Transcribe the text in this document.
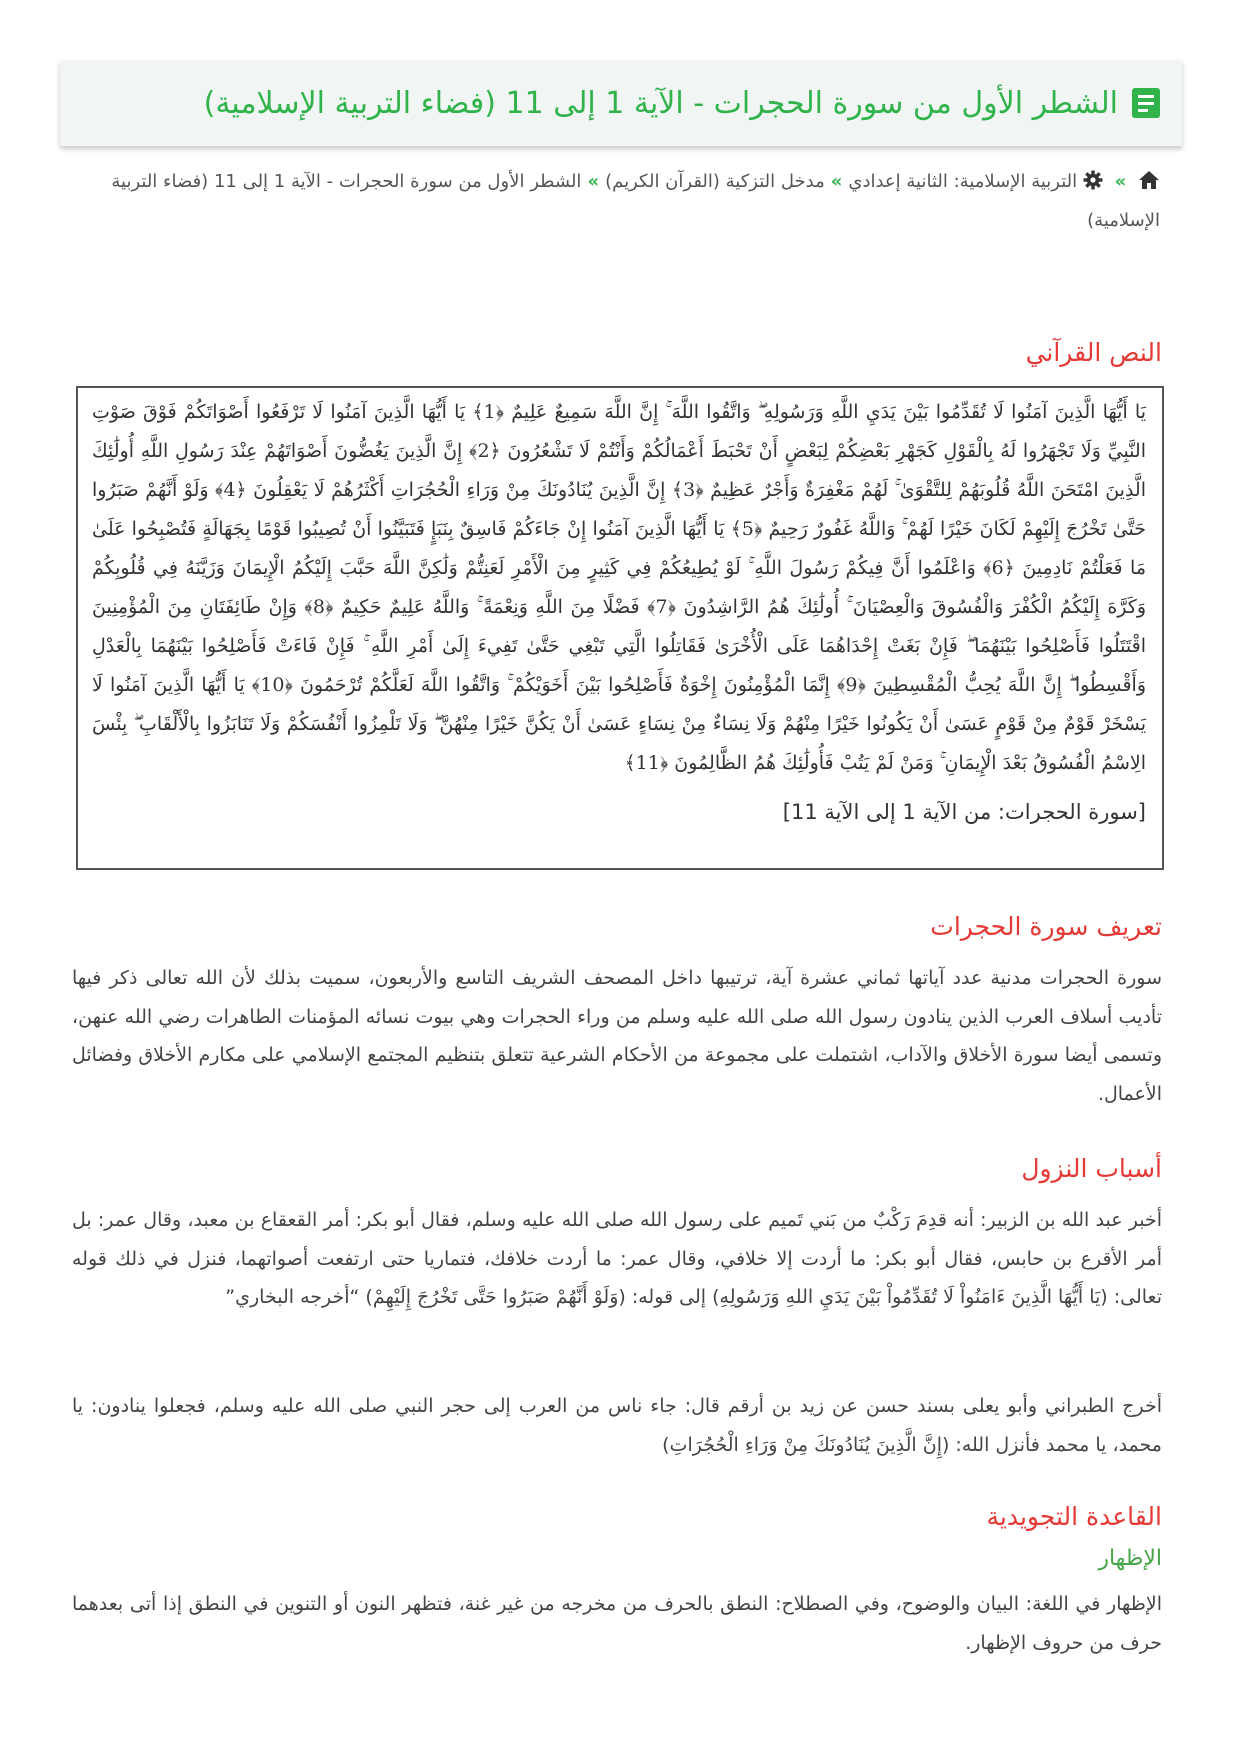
الشطر الأول من سورة الحجرات - الآية 1 إلى 11 (فضاء التربية الإسلامية)
»  التربية الإسلامية: الثانية إعدادي»مدخل التزكية (القرآن الكريم)»الشطر الأول من سورة الحجرات - الآية 1 إلى 11 (فضاء التربية الإسلامية)
النص القرآني

يَا أَيُّهَا الَّذِينَ آمَنُوا لَا تُقَدِّمُوا بَيْنَ يَدَيِ اللَّهِ وَرَسُولِهِ ۖ وَاتَّقُوا اللَّهَ ۚ إِنَّ اللَّهَ سَمِيعٌ عَلِيمٌ ﴿1﴾ يَا أَيُّهَا الَّذِينَ آمَنُوا لَا تَرْفَعُوا أَصْوَاتَكُمْ فَوْقَ صَوْتِ النَّبِيِّ وَلَا تَجْهَرُوا لَهُ بِالْقَوْلِ كَجَهْرِ بَعْضِكُمْ لِبَعْضٍ أَنْ تَحْبَطَ أَعْمَالُكُمْ وَأَنْتُمْ لَا تَشْعُرُونَ ﴿2﴾ إِنَّ الَّذِينَ يَغُضُّونَ أَصْوَاتَهُمْ عِنْدَ رَسُولِ اللَّهِ أُولَٰئِكَ الَّذِينَ امْتَحَنَ اللَّهُ قُلُوبَهُمْ لِلتَّقْوَىٰ ۚ لَهُمْ مَغْفِرَةٌ وَأَجْرٌ عَظِيمٌ ﴿3﴾ إِنَّ الَّذِينَ يُنَادُونَكَ مِنْ وَرَاءِ الْحُجُرَاتِ أَكْثَرُهُمْ لَا يَعْقِلُونَ ﴿4﴾ وَلَوْ أَنَّهُمْ صَبَرُوا حَتَّىٰ تَخْرُجَ إِلَيْهِمْ لَكَانَ خَيْرًا لَهُمْ ۚ وَاللَّهُ غَفُورٌ رَحِيمٌ ﴿5﴾ يَا أَيُّهَا الَّذِينَ آمَنُوا إِنْ جَاءَكُمْ فَاسِقٌ بِنَبَإٍ فَتَبَيَّنُوا أَنْ تُصِيبُوا قَوْمًا بِجَهَالَةٍ فَتُصْبِحُوا عَلَىٰ مَا فَعَلْتُمْ نَادِمِينَ ﴿6﴾ وَاعْلَمُوا أَنَّ فِيكُمْ رَسُولَ اللَّهِ ۚ لَوْ يُطِيعُكُمْ فِي كَثِيرٍ مِنَ الْأَمْرِ لَعَنِتُّمْ وَلَٰكِنَّ اللَّهَ حَبَّبَ إِلَيْكُمُ الْإِيمَانَ وَزَيَّنَهُ فِي قُلُوبِكُمْ وَكَرَّهَ إِلَيْكُمُ الْكُفْرَ وَالْفُسُوقَ وَالْعِصْيَانَ ۚ أُولَٰئِكَ هُمُ الرَّاشِدُونَ ﴿7﴾ فَضْلًا مِنَ اللَّهِ وَنِعْمَةً ۚ وَاللَّهُ عَلِيمٌ حَكِيمٌ ﴿8﴾ وَإِنْ طَائِفَتَانِ مِنَ الْمُؤْمِنِينَ اقْتَتَلُوا فَأَصْلِحُوا بَيْنَهُمَا ۖ فَإِنْ بَغَتْ إِحْدَاهُمَا عَلَى الْأُخْرَىٰ فَقَاتِلُوا الَّتِي تَبْغِي حَتَّىٰ تَفِيءَ إِلَىٰ أَمْرِ اللَّهِ ۚ فَإِنْ فَاءَتْ فَأَصْلِحُوا بَيْنَهُمَا بِالْعَدْلِ وَأَقْسِطُوا ۖ إِنَّ اللَّهَ يُحِبُّ الْمُقْسِطِينَ ﴿9﴾ إِنَّمَا الْمُؤْمِنُونَ إِخْوَةٌ فَأَصْلِحُوا بَيْنَ أَخَوَيْكُمْ ۚ وَاتَّقُوا اللَّهَ لَعَلَّكُمْ تُرْحَمُونَ ﴿10﴾ يَا أَيُّهَا الَّذِينَ آمَنُوا لَا يَسْخَرْ قَوْمٌ مِنْ قَوْمٍ عَسَىٰ أَنْ يَكُونُوا خَيْرًا مِنْهُمْ وَلَا نِسَاءٌ مِنْ نِسَاءٍ عَسَىٰ أَنْ يَكُنَّ خَيْرًا مِنْهُنَّ ۖ وَلَا تَلْمِزُوا أَنْفُسَكُمْ وَلَا تَنَابَزُوا بِالْأَلْقَابِ ۖ بِئْسَ الِاسْمُ الْفُسُوقُ بَعْدَ الْإِيمَانِ ۚ وَمَنْ لَمْ يَتُبْ فَأُولَٰئِكَ هُمُ الظَّالِمُونَ ﴿11﴾

[سورة الحجرات: من الآية 1 إلى الآية 11]
تعريف سورة الحجرات

سورة الحجرات مدنية عدد آياتها ثماني عشرة آية، ترتيبها داخل المصحف الشريف التاسع والأربعون، سميت بذلك لأن الله تعالى ذكر فيها تأديب أسلاف العرب الذين ينادون رسول الله صلى الله عليه وسلم من وراء الحجرات وهي بيوت نسائه المؤمنات الطاهرات رضي الله عنهن، وتسمى أيضا سورة الأخلاق والآداب، اشتملت على مجموعة من الأحكام الشرعية تتعلق بتنظيم المجتمع الإسلامي على مكارم الأخلاق وفضائل الأعمال.

أسباب النزول

أخبر عبد الله بن الزبير: أنه قدِمَ رَكْبٌ من بَني تَميم على رسول الله صلى الله عليه وسلم، فقال أبو بكر: أمر القعقاع بن معبد، وقال عمر: بل أمر الأقرع بن حابس، فقال أبو بكر: ما أردت إلا خلافي، وقال عمر: ما أردت خلافك، فتماريا حتى ارتفعت أصواتهما، فنزل في ذلك قوله تعالى: (يَا أَيُّهَا الَّذِينَ ءَامَنُواْ لَا تُقَدِّمُواْ بَيْنَ يَدَيِ اللهِ وَرَسُولِهِ) إلى قوله: (وَلَوْ أَنَّهُمْ صَبَرُوا حَتَّى تَخْرُجَ إِلَيْهِمْ) “أخرجه البخاري”

أخرج الطبراني وأبو يعلى بسند حسن عن زيد بن أرقم قال: جاء ناس من العرب إلى حجر النبي صلى الله عليه وسلم، فجعلوا ينادون: يا محمد، يا محمد فأنزل الله: (إِنَّ الَّذِينَ يُنَادُونَكَ مِنْ وَرَاءِ الْحُجُرَاتِ)

القاعدة التجويدية
الإظهار

الإظهار في اللغة: البيان والوضوح، وفي الصطلاح: النطق بالحرف من مخرجه من غير غنة، فتظهر النون أو التنوين في النطق إذا أتى بعدهما حرف من حروف الإظهار.
